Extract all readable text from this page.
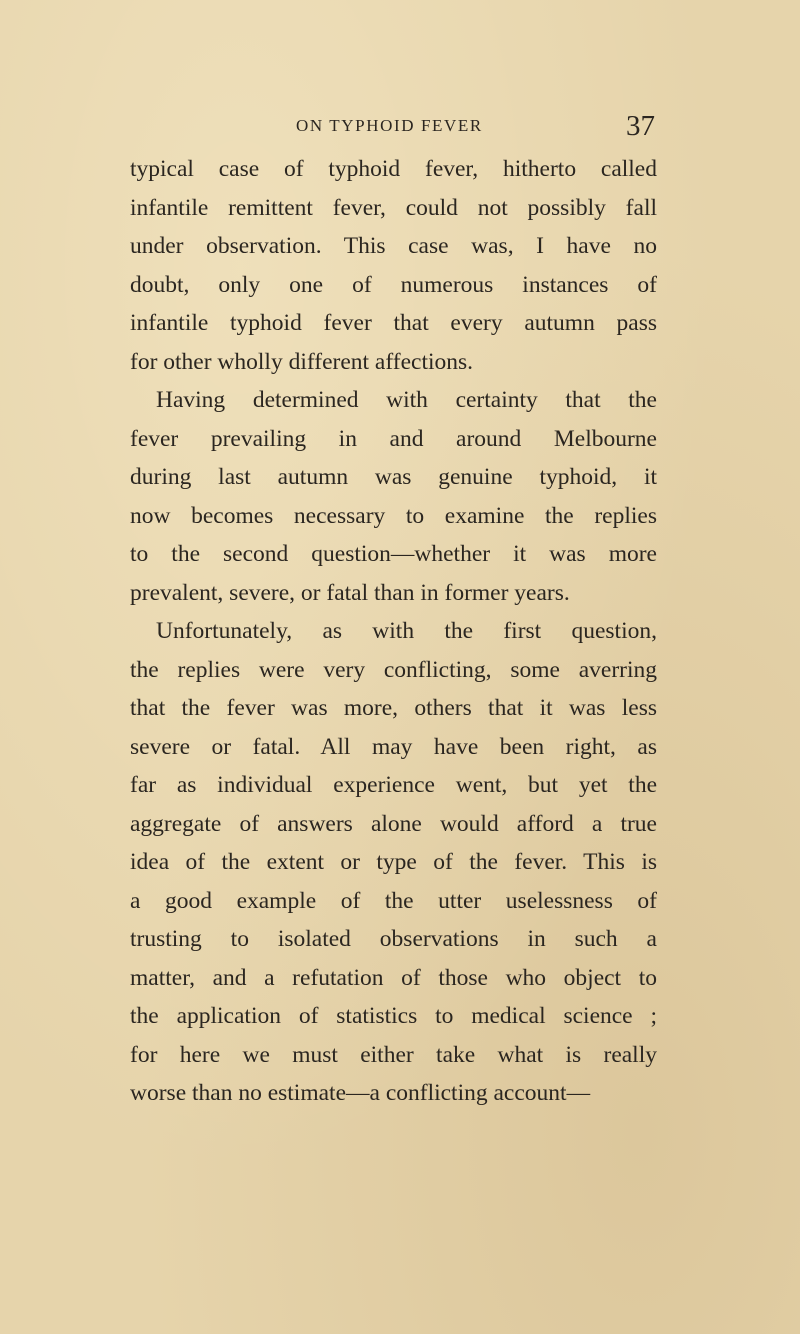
ON TYPHOID FEVER	37
typical case of typhoid fever, hitherto called
infantile remittent fever, could not possibly fall
under observation. This case was, I have no
doubt, only one of numerous instances of
infantile typhoid fever that every autumn pass
for other wholly different affections.
Having determined with certainty that the
fever prevailing in and around Melbourne
during last autumn was genuine typhoid, it
now becomes necessary to examine the replies
to the second question—whether it was more
prevalent, severe, or fatal than in former years.
Unfortunately, as with the first question,
the replies were very conflicting, some averring
that the fever was more, others that it was less
severe or fatal. All may have been right, as
far as individual experience went, but yet the
aggregate of answers alone would afford a true
idea of the extent or type of the fever. This is
a good example of the utter uselessness of
trusting to isolated observations in such a
matter, and a refutation of those who object to
the application of statistics to medical science ;
for here we must either take what is really
worse than no estimate—a conflicting account—
